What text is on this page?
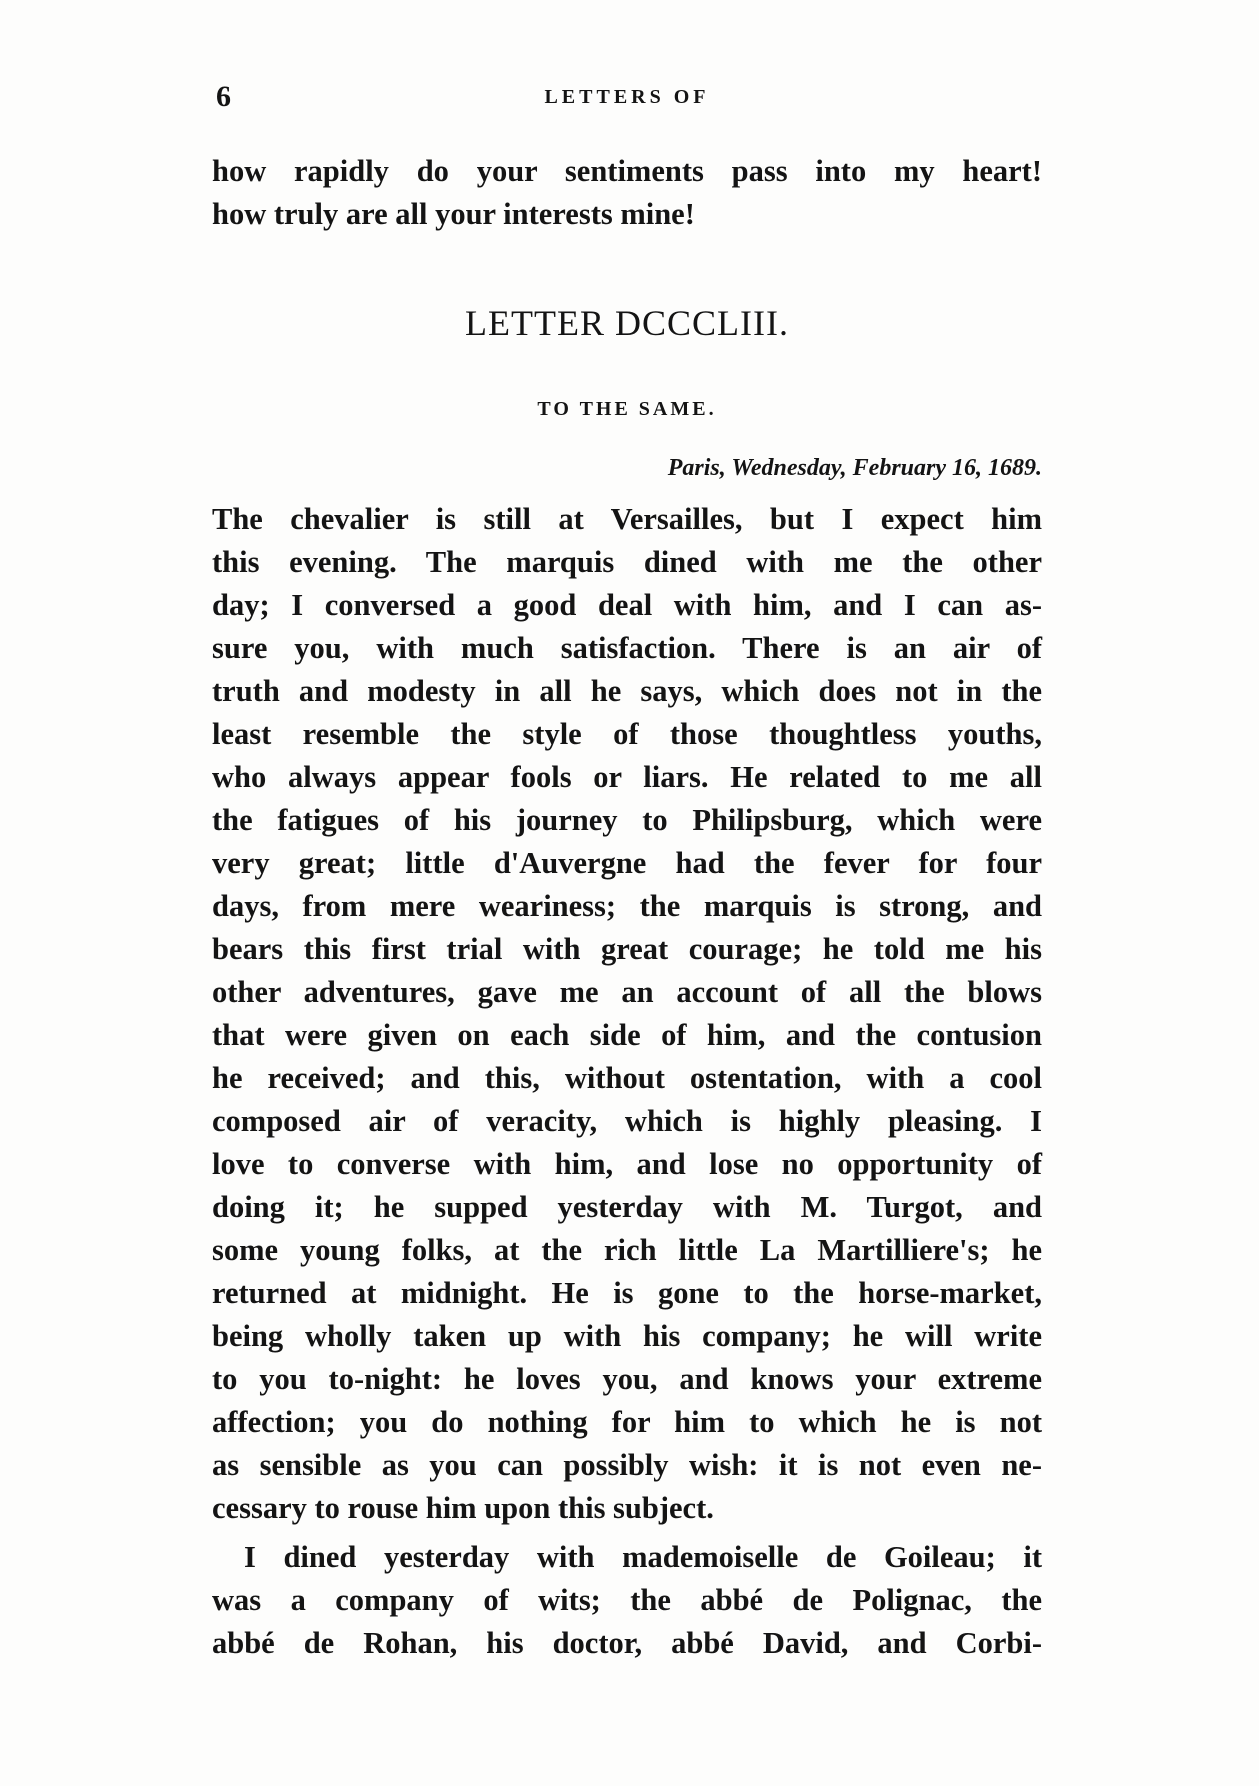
6	LETTERS OF
how rapidly do your sentiments pass into my heart!
how truly are all your interests mine!
LETTER DCCCLIII.
TO THE SAME.
Paris, Wednesday, February 16, 1689.
The chevalier is still at Versailles, but I expect him
this evening. The marquis dined with me the other
day; I conversed a good deal with him, and I can as-
sure you, with much satisfaction. There is an air of
truth and modesty in all he says, which does not in the
least resemble the style of those thoughtless youths,
who always appear fools or liars. He related to me all
the fatigues of his journey to Philipsburg, which were
very great; little d'Auvergne had the fever for four
days, from mere weariness; the marquis is strong, and
bears this first trial with great courage; he told me his
other adventures, gave me an account of all the blows
that were given on each side of him, and the contusion
he received; and this, without ostentation, with a cool
composed air of veracity, which is highly pleasing. I
love to converse with him, and lose no opportunity of
doing it; he supped yesterday with M. Turgot, and
some young folks, at the rich little La Martilliere's; he
returned at midnight. He is gone to the horse-market,
being wholly taken up with his company; he will write
to you to-night: he loves you, and knows your extreme
affection; you do nothing for him to which he is not
as sensible as you can possibly wish: it is not even ne-
cessary to rouse him upon this subject.
I dined yesterday with mademoiselle de Goileau; it
was a company of wits; the abbé de Polignac, the
abbé de Rohan, his doctor, abbé David, and Corbi-
